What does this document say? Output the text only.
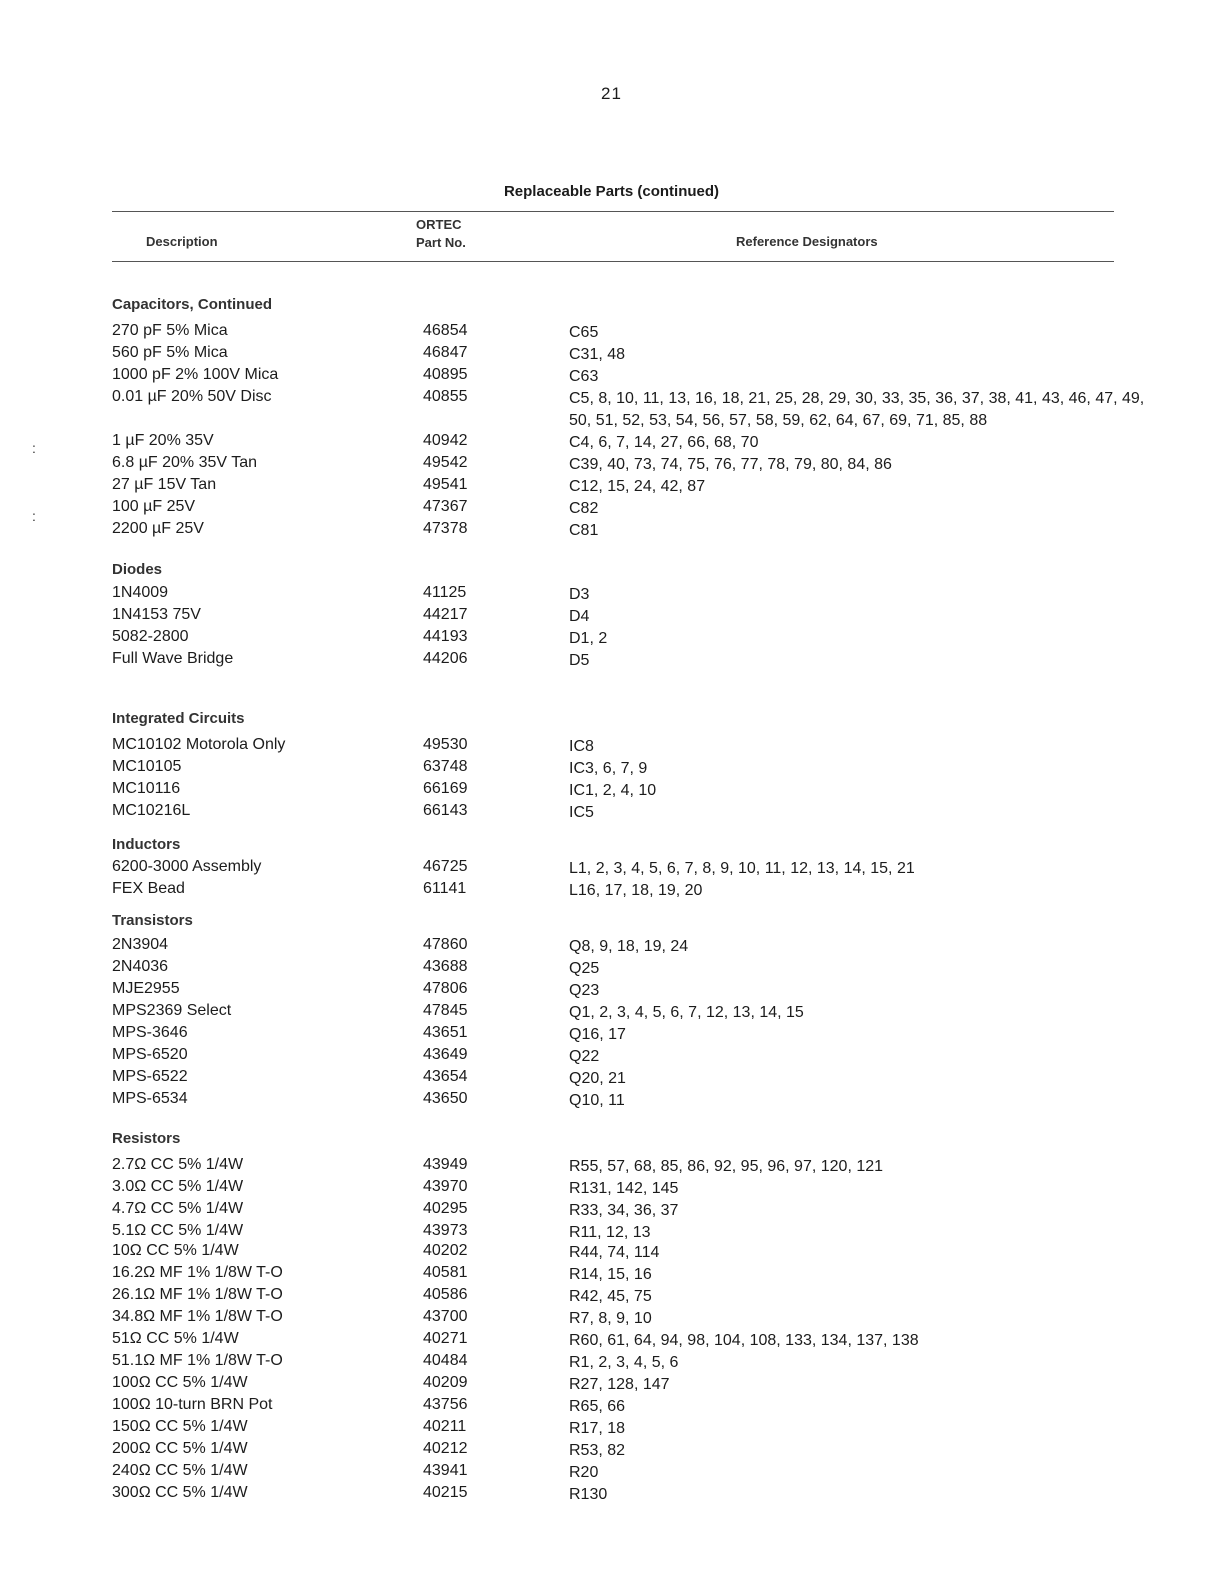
21
Replaceable Parts (continued)
Description
ORTEC
Part No.	Reference Designators
Capacitors, Continued
270 pF 5% Mica	46854	C65
560 pF 5% Mica	46847	C31, 48
1000 pF 2% 100V Mica	40895	C63
0.01 µF 20% 50V Disc	40855	C5, 8, 10, 11, 13, 16, 18, 21, 25, 28, 29, 30, 33, 35, 36, 37, 38, 41, 43, 46, 47, 49, 50, 51, 52, 53, 54, 56, 57, 58, 59, 62, 64, 67, 69, 71, 85, 88
1 µF 20% 35V	40942	C4, 6, 7, 14, 27, 66, 68, 70
6.8 µF 20% 35V Tan	49542	C39, 40, 73, 74, 75, 76, 77, 78, 79, 80, 84, 86
27 µF 15V Tan	49541	C12, 15, 24, 42, 87
100 µF 25V	47367	C82
2200 µF 25V	47378	C81
Diodes
1N4009	41125	D3
1N4153 75V	44217	D4
5082-2800	44193	D1, 2
Full Wave Bridge	44206	D5
Integrated Circuits
MC10102 Motorola Only	49530	IC8
MC10105	63748	IC3, 6, 7, 9
MC10116	66169	IC1, 2, 4, 10
MC10216L	66143	IC5
Inductors
6200-3000 Assembly	46725	L1, 2, 3, 4, 5, 6, 7, 8, 9, 10, 11, 12, 13, 14, 15, 21
FEX Bead	61141	L16, 17, 18, 19, 20
Transistors
2N3904	47860	Q8, 9, 18, 19, 24
2N4036	43688	Q25
MJE2955	47806	Q23
MPS2369 Select	47845	Q1, 2, 3, 4, 5, 6, 7, 12, 13, 14, 15
MPS-3646	43651	Q16, 17
MPS-6520	43649	Q22
MPS-6522	43654	Q20, 21
MPS-6534	43650	Q10, 11
Resistors
2.7Ω CC 5% 1/4W	43949	R55, 57, 68, 85, 86, 92, 95, 96, 97, 120, 121
3.0Ω CC 5% 1/4W	43970	R131, 142, 145
4.7Ω CC 5% 1/4W	40295	R33, 34, 36, 37
5.1Ω CC 5% 1/4W	43973	R11, 12, 13
10Ω CC 5% 1/4W	40202	R44, 74, 114
16.2Ω MF 1% 1/8W T-O	40581	R14, 15, 16
26.1Ω MF 1% 1/8W T-O	40586	R42, 45, 75
34.8Ω MF 1% 1/8W T-O	43700	R7, 8, 9, 10
51Ω CC 5% 1/4W	40271	R60, 61, 64, 94, 98, 104, 108, 133, 134, 137, 138
51.1Ω MF 1% 1/8W T-O	40484	R1, 2, 3, 4, 5, 6
100Ω CC 5% 1/4W	40209	R27, 128, 147
100Ω 10-turn BRN Pot	43756	R65, 66
150Ω CC 5% 1/4W	40211	R17, 18
200Ω CC 5% 1/4W	40212	R53, 82
240Ω CC 5% 1/4W	43941	R20
300Ω CC 5% 1/4W	40215	R130
:
:
